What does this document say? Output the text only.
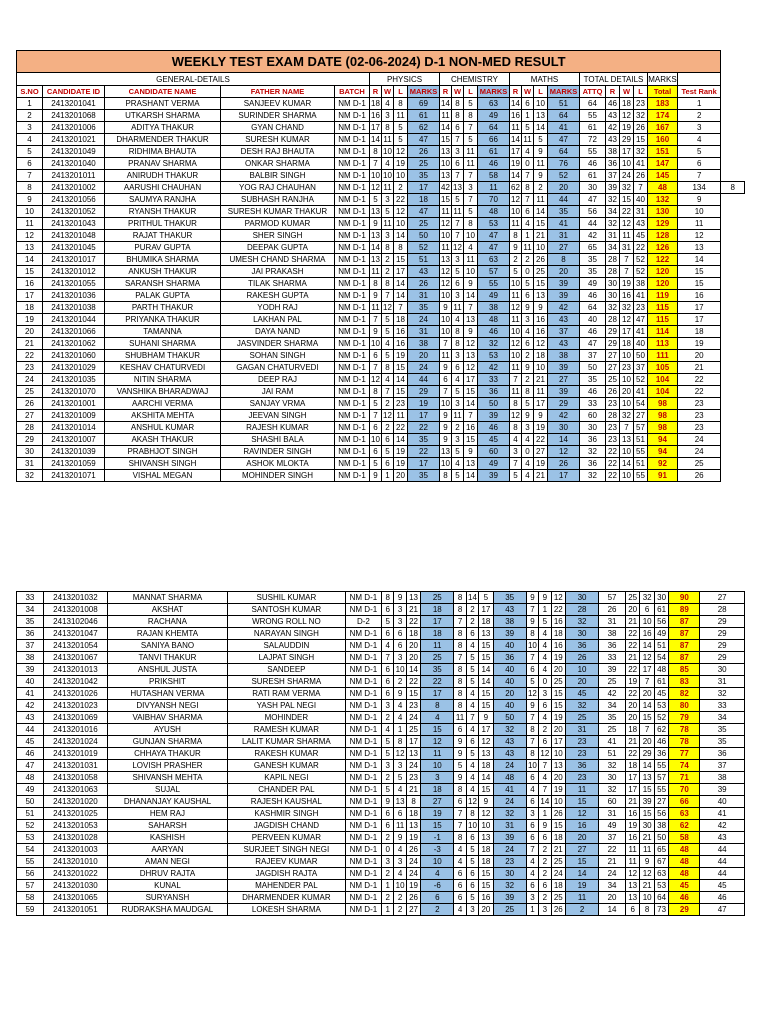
WEEKLY TEST EXAM DATE (02-06-2024) D-1 NON-MED RESULT																							
GENERAL-DETAILS					PHYSICS				CHEMISTRY				MATHS				TOTAL DETAILS				MARKS		
S.NO	CANDIDATE ID	CANDIDATE NAME	FATHER NAME	BATCH	R	W	L	MARKS	R	W	L	MARKS	R	W	L	MARKS	ATTQ	R	W	L	Total	Test Rank	
1	2413201041	PRASHANT VERMA	SANJEEV KUMAR	NM D-1	18	4	8	69	14	8	5	63	14	6	10	51	64	46	18	23	183	1	
2	2413201068	UTKARSH SHARMA	SURINDER SHARMA	NM D-1	16	3	11	61	11	8	8	49	16	1	13	64	55	43	12	32	174	2	
3	2413201006	ADITYA THAKUR	GYAN CHAND	NM D-1	17	8	5	62	14	6	7	64	11	5	14	41	61	42	19	26	167	3	
4	2413201021	DHARMENDER THAKUR	SURESH KUMAR	NM D-1	14	11	5	47	15	7	5	66	14	11	5	47	72	43	29	15	160	4	
5	2413201049	RIDHIMA BHAUTA	DESH RAJ BHAUTA	NM D-1	8	10	12	26	13	3	11	61	17	4	9	64	55	38	17	32	151	5	
6	2413201040	PRANAV SHARMA	ONKAR SHARMA	NM D-1	7	4	19	25	10	6	11	46	19	0	11	76	46	36	10	41	147	6	
7	2413201011	ANIRUDH THAKUR	BALBIR SINGH	NM D-1	10	10	10	35	13	7	7	58	14	7	9	52	61	37	24	26	145	7	
8	2413201002	AARUSHI CHAUHAN	YOG RAJ CHAUHAN	NM D-1	12	11	2	17	42	13	3	11	62	8	2	20	30	39	32	7	48	134	8
9	2413201056	SAUMYA RANJHA	SUBHASH RANJHA	NM D-1	5	3	22	18	15	5	7	70	12	7	11	44	47	32	15	40	132	9	
10	2413201052	RYANSH THAKUR	SURESH KUMAR THAKUR	NM D-1	13	5	12	47	11	11	5	48	10	6	14	35	56	34	22	31	130	10	
11	2413201043	PRITHUL THAKUR	PARMOD KUMAR	NM D-1	9	11	10	25	12	7	8	53	11	4	15	41	44	32	12	43	129	11	
12	2413201048	RAJAT THAKUR	SHER SINGH	NM D-1	13	3	14	50	10	7	10	47	8	1	21	31	42	31	11	45	128	12	
13	2413201045	PURAV GUPTA	DEEPAK GUPTA	NM D-1	14	8	8	52	11	12	4	47	9	11	10	27	65	34	31	22	126	13	
14	2413201017	BHUMIKA SHARMA	UMESH CHAND SHARMA	NM D-1	13	2	15	51	13	3	11	63	2	2	26	8	35	28	7	52	122	14	
15	2413201012	ANKUSH THAKUR	JAI PRAKASH	NM D-1	11	2	17	43	12	5	10	57	5	0	25	20	35	28	7	52	120	15	
16	2413201055	SARANSH SHARMA	TILAK SHARMA	NM D-1	8	8	14	26	12	6	9	55	10	5	15	39	49	30	19	38	120	15	
17	2413201036	PALAK GUPTA	RAKESH GUPTA	NM D-1	9	7	14	31	10	3	14	49	11	6	13	39	46	30	16	41	119	16	
18	2413201038	PARTH THAKUR	YODH RAJ	NM D-1	11	12	7	35	9	11	7	38	12	9	9	42	64	32	32	23	115	17	
19	2413201044	PRIYANKA THAKUR	LAKHAN PAL	NM D-1	7	5	18	24	10	4	13	48	11	3	16	43	40	28	12	47	115	17	
20	2413201066	TAMANNA	DAYA NAND	NM D-1	9	5	16	31	10	8	9	46	10	4	16	37	46	29	17	41	114	18	
21	2413201062	SUHANI SHARMA	JASVINDER SHARMA	NM D-1	10	4	16	38	7	8	12	32	12	6	12	43	47	29	18	40	113	19	
22	2413201060	SHUBHAM THAKUR	SOHAN SINGH	NM D-1	6	5	19	20	11	3	13	53	10	2	18	38	37	27	10	50	111	20	
23	2413201029	KESHAV CHATURVEDI	GAGAN CHATURVEDI	NM D-1	7	8	15	24	9	6	12	42	11	9	10	39	50	27	23	37	105	21	
24	2413201035	NITIN SHARMA	DEEP RAJ	NM D-1	12	4	14	44	6	4	17	33	7	2	21	27	35	25	10	52	104	22	
25	2413201070	VANSHIKA BHARADWAJ	JAI RAM	NM D-1	8	7	15	29	7	5	15	36	11	8	11	39	46	26	20	41	104	22	
26	2413201001	AARCHI VERMA	SANJAY VRMA	NM D-1	5	2	23	19	10	3	14	50	8	5	17	29	33	23	10	54	98	23	
27	2413201009	AKSHITA MEHTA	JEEVAN SINGH	NM D-1	7	12	11	17	9	11	7	39	12	9	9	42	60	28	32	27	98	23	
28	2413201014	ANSHUL KUMAR	RAJESH KUMAR	NM D-1	6	2	22	22	9	2	16	46	8	3	19	30	30	23	7	57	98	23	
29	2413201007	AKASH THAKUR	SHASHI BALA	NM D-1	10	6	14	35	9	3	15	45	4	4	22	14	36	23	13	51	94	24	
30	2413201039	PRABHJOT SINGH	RAVINDER SINGH	NM D-1	6	5	19	22	13	5	9	60	3	0	27	12	32	22	10	55	94	24	
31	2413201059	SHIVANSH SINGH	ASHOK MLOKTA	NM D-1	5	6	19	17	10	4	13	49	7	4	19	26	36	22	14	51	92	25	
32	2413201071	VISHAL MEGAN	MOHINDER SINGH	NM D-1	9	1	20	35	8	5	14	39	5	4	21	17	32	22	10	55	91	26	
33	2413201032	MANNAT SHARMA	SUSHIL KUMAR	NM D-1	8	9	13	25	8	14	5	35	9	9	12	30	57	25	32	30	90	27
34	2413201008	AKSHAT	SANTOSH KUMAR	NM D-1	6	3	21	18	8	2	17	43	7	1	22	28	26	20	6	61	89	28
35	2413102046	RACHANA	WRONG ROLL NO	D-2	5	3	22	17	7	2	18	38	9	5	16	32	31	21	10	56	87	29
36	2413201047	RAJAN KHEMTA	NARAYAN SINGH	NM D-1	6	6	18	18	8	6	13	39	8	4	18	30	38	22	16	49	87	29
37	2413201054	SANIYA BANO	SALAUDDIN	NM D-1	4	6	20	11	8	4	15	40	10	4	16	36	36	22	14	51	87	29
38	2413201067	TANVI THAKUR	LAJPAT SINGH	NM D-1	7	3	20	25	7	5	15	36	7	4	19	26	33	21	12	54	87	29
39	2413201013	ANSHUL JUSTA	SANDEEP	NM D-1	6	10	14	35	8	5	14	40	6	4	20	10	39	22	17	48	85	30
40	2413201042	PRIKSHIT	SURESH SHARMA	NM D-1	6	2	22	22	8	5	14	40	5	0	25	20	25	19	7	61	83	31
41	2413201026	HUTASHAN VERMA	RATI RAM VERMA	NM D-1	6	9	15	17	8	4	15	20	12	3	15	45	42	22	20	45	82	32
42	2413201023	DIVYANSH NEGI	YASH PAL NEGI	NM D-1	3	4	23	8	8	4	15	40	9	6	15	32	34	20	14	53	80	33
43	2413201069	VAIBHAV SHARMA	MOHINDER	NM D-1	2	4	24	4	11	7	9	50	7	4	19	25	35	20	15	52	79	34
44	2413201016	AYUSH	RAMESH KUMAR	NM D-1	4	1	25	15	6	4	17	32	8	2	20	31	25	18	7	62	78	35
45	2413201024	GUNJAN SHARMA	LALIT KUMAR SHARMA	NM D-1	5	8	17	12	9	6	12	43	7	6	17	23	41	21	20	46	78	35
46	2413201019	CHHAYA THAKUR	RAKESH KUMAR	NM D-1	5	12	13	11	9	5	13	43	8	12	10	23	51	22	29	36	77	36
47	2413201031	LOVISH PRASHER	GANESH KUMAR	NM D-1	3	3	24	10	5	4	18	24	10	7	13	36	32	18	14	55	74	37
48	2413201058	SHIVANSH MEHTA	KAPIL NEGI	NM D-1	2	5	23	3	9	4	14	48	6	4	20	23	30	17	13	57	71	38
49	2413201063	SUJAL	CHANDER PAL	NM D-1	5	4	21	18	8	4	15	41	4	7	19	11	32	17	15	55	70	39
50	2413201020	DHANANJAY KAUSHAL	RAJESH KAUSHAL	NM D-1	9	13	8	27	6	12	9	24	6	14	10	15	60	21	39	27	66	40
51	2413201025	HEM RAJ	KASHMIR SINGH	NM D-1	6	6	18	19	7	8	12	32	3	1	26	12	31	16	15	56	63	41
52	2413201053	SAHARSH	JAGDISH CHAND	NM D-1	6	11	13	15	7	10	10	31	6	9	15	16	49	19	30	38	62	42
53	2413201028	KASHISH	PERVEEN KUMAR	NM D-1	2	9	19	-1	8	6	13	39	6	6	18	20	37	16	21	50	58	43
54	2413201003	AARYAN	SURJEET SINGH NEGI	NM D-1	0	4	26	-3	4	5	18	24	7	2	21	27	22	11	11	65	48	44
55	2413201010	AMAN NEGI	RAJEEV KUMAR	NM D-1	3	3	24	10	4	5	18	23	4	2	25	15	21	11	9	67	48	44
56	2413201022	DHRUV RAJTA	JAGDISH RAJTA	NM D-1	2	4	24	4	6	6	15	30	4	2	24	14	24	12	12	63	48	44
57	2413201030	KUNAL	MAHENDER PAL	NM D-1	1	10	19	-6	6	6	15	32	6	6	18	19	34	13	21	53	45	45
58	2413201065	SURYANSH	DHARMENDER KUMAR	NM D-1	2	2	26	6	6	5	16	39	3	2	25	11	20	13	10	64	46	46
59	2413201051	RUDRAKSHA MAUDGAL	LOKESH SHARMA	NM D-1	1	2	27	2	4	3	20	25	1	3	26	2	14	6	8	73	29	47
